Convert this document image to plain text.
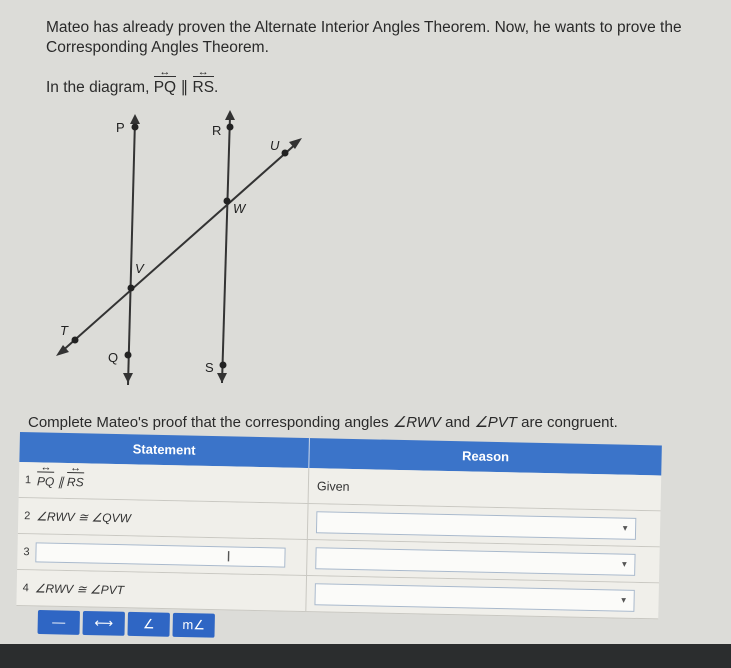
Mateo has already proven the Alternate Interior Angles Theorem. Now, he wants to prove the
Corresponding Angles Theorem.
In the diagram, PQ ↔ ∥ RS ↔.
P	R
U
W
V
T
Q
S
Complete Mateo's proof that the corresponding angles ∠RWV and ∠PVT are congruent.
Statement	Reason
1 PQ ↔ ∥ RS ↔	Given
2 ∠RWV ≅ ∠QVW
▼
3	I	▼
4 ∠RWV ≅ ∠PVT
▼
—	⟷	∠	m∠
